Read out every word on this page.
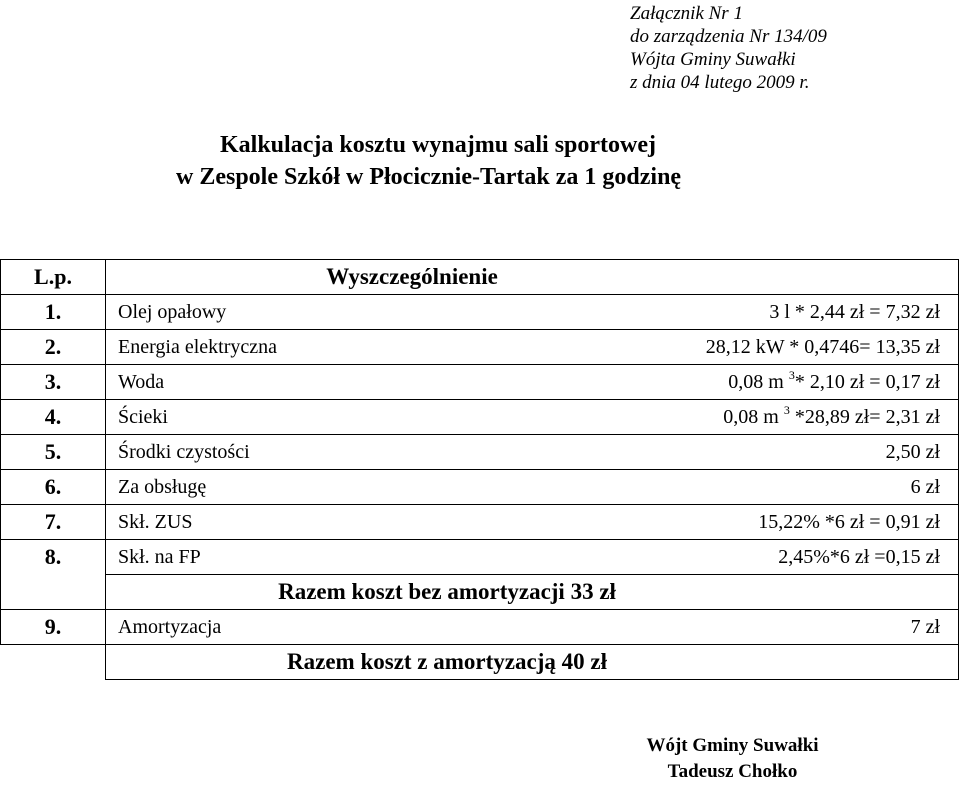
Załącznik Nr 1
do zarządzenia Nr 134/09
Wójta Gminy Suwałki
z dnia 04 lutego 2009 r.
Kalkulacja kosztu wynajmu sali sportowej
w Zespole Szkół w Płocicznie-Tartak za 1 godzinę
L.p.	Wyszczególnienie	
1.	Olej opałowy	3 l * 2,44 zł = 7,32 zł
2.	Energia elektryczna	28,12 kW * 0,4746= 13,35 zł
3.	Woda	0,08 m $^3$* 2,10 zł = 0,17 zł
4.	Ścieki	0,08 m $^3$ *28,89 zł= 2,31 zł
5.	Środki czystości	2,50 zł
6.	Za obsługę	6 zł
7.	Skł. ZUS	15,22% *6 zł = 0,91 zł
8.	Skł. na FP	2,45%*6 zł =0,15 zł
	Razem koszt bez amortyzacji 33 zł	
9.	Amortyzacja	7 zł
	Razem koszt z amortyzacją 40 zł	
Wójt Gminy Suwałki
Tadeusz Chołko
